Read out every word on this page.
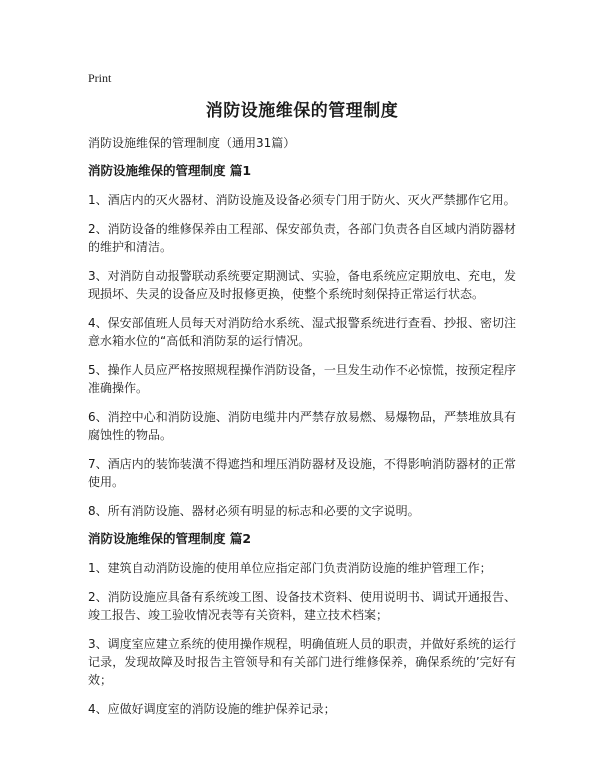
Print
消防设施维保的管理制度
消防设施维保的管理制度（通用31篇）
消防设施维保的管理制度 篇1
1、酒店内的灭火器材、消防设施及设备必须专门用于防火、灭火严禁挪作它用。
2、消防设备的维修保养由工程部、保安部负责，各部门负责各自区域内消防器材的维护和清洁。
3、对消防自动报警联动系统要定期测试、实验，备电系统应定期放电、充电，发现损坏、失灵的设备应及时报修更换，使整个系统时刻保持正常运行状态。
4、保安部值班人员每天对消防给水系统、湿式报警系统进行查看、抄报、密切注意水箱水位的“高低和消防泵的运行情况。
5、操作人员应严格按照规程操作消防设备，一旦发生动作不必惊慌，按预定程序准确操作。
6、消控中心和消防设施、消防电缆井内严禁存放易燃、易爆物品，严禁堆放具有腐蚀性的物品。
7、酒店内的装饰装潢不得遮挡和埋压消防器材及设施，不得影响消防器材的正常使用。
8、所有消防设施、器材必须有明显的标志和必要的文字说明。
消防设施维保的管理制度 篇2
1、建筑自动消防设施的使用单位应指定部门负责消防设施的维护管理工作；
2、消防设施应具备有系统竣工图、设备技术资料、使用说明书、调试开通报告、竣工报告、竣工验收情况表等有关资料，建立技术档案；
3、调度室应建立系统的使用操作规程，明确值班人员的职责，并做好系统的运行记录，发现故障及时报告主管领导和有关部门进行维修保养，确保系统的’完好有效；
4、应做好调度室的消防设施的维护保养记录；
